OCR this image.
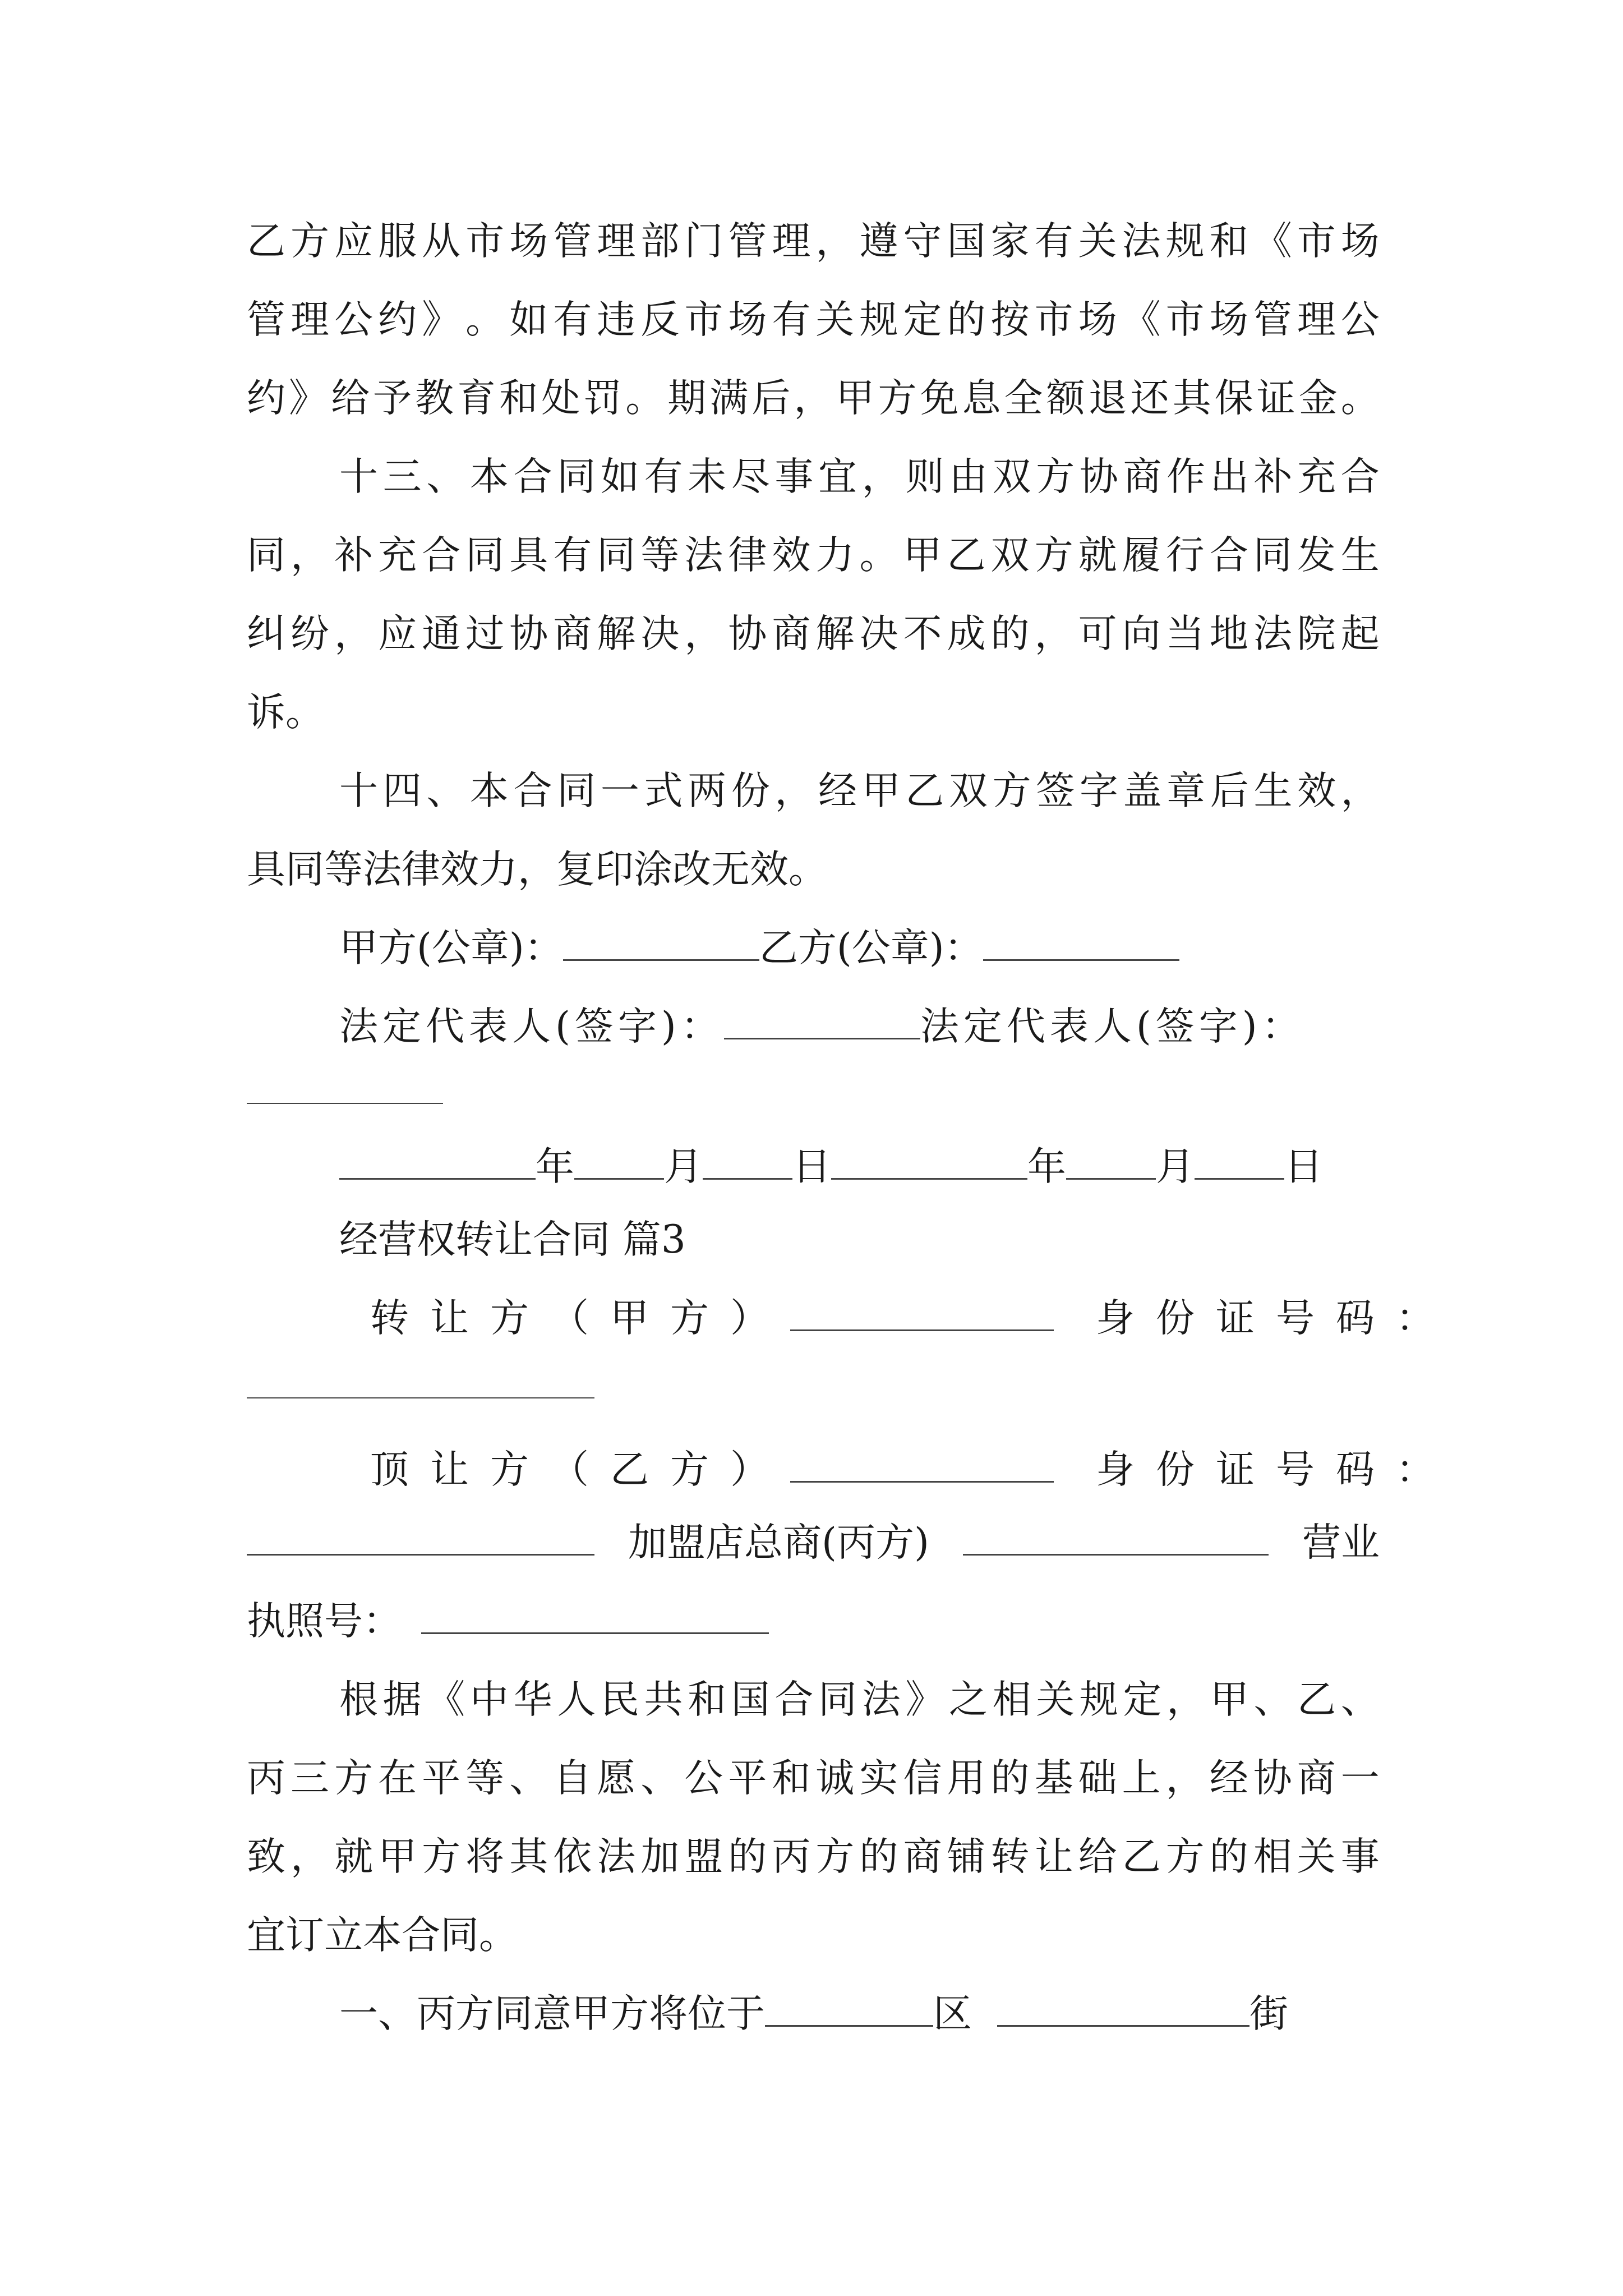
乙 方 应 服 从 市 场 管 理 部 门 管 理 ， 遵 守 国 家 有 关 法 规 和 《 市 场
管 理 公 约 》 。 如 有 违 反 市 场 有 关 规 定 的 按 市 场 《 市 场 管 理 公
约 》 给 予 教 育 和 处 罚 。 期 满 后 ， 甲 方 免 息 全 额 退 还 其 保 证 金 。
十 三 、 本 合 同 如 有 未 尽 事 宜 ， 则 由 双 方 协 商 作 出 补 充 合
同 ， 补 充 合 同 具 有 同 等 法 律 效 力 。 甲 乙 双 方 就 履 行 合 同 发 生
纠 纷 ， 应 通 过 协 商 解 决 ， 协 商 解 决 不 成 的 ， 可 向 当 地 法 院 起
诉。
十 四 、 本 合 同 一 式 两 份 ， 经 甲 乙 双 方 签 字 盖 章 后 生 效 ，
具同等法律效力，复印涂改无效。
甲方(公章)：	乙方(公章)：
法定代表人(签字)：	法定代表人(签字)：
年 月 日	年 月 日
经营权转让合同 篇3
转让方（甲方）	身份证号码：
顶让方（乙方）	身份证号码：
加盟店总商(丙方)	营业
执照号：
根 据 《 中 华 人 民 共 和 国 合 同 法 》 之 相 关 规 定 ， 甲 、 乙 、
丙 三 方 在 平 等 、 自 愿 、 公 平 和 诚 实 信 用 的 基 础 上 ， 经 协 商 一
致 ， 就 甲 方 将 其 依 法 加 盟 的 丙 方 的 商 铺 转 让 给 乙 方 的 相 关 事
宜订立本合同。
一、丙方同意甲方将位于	区	街
